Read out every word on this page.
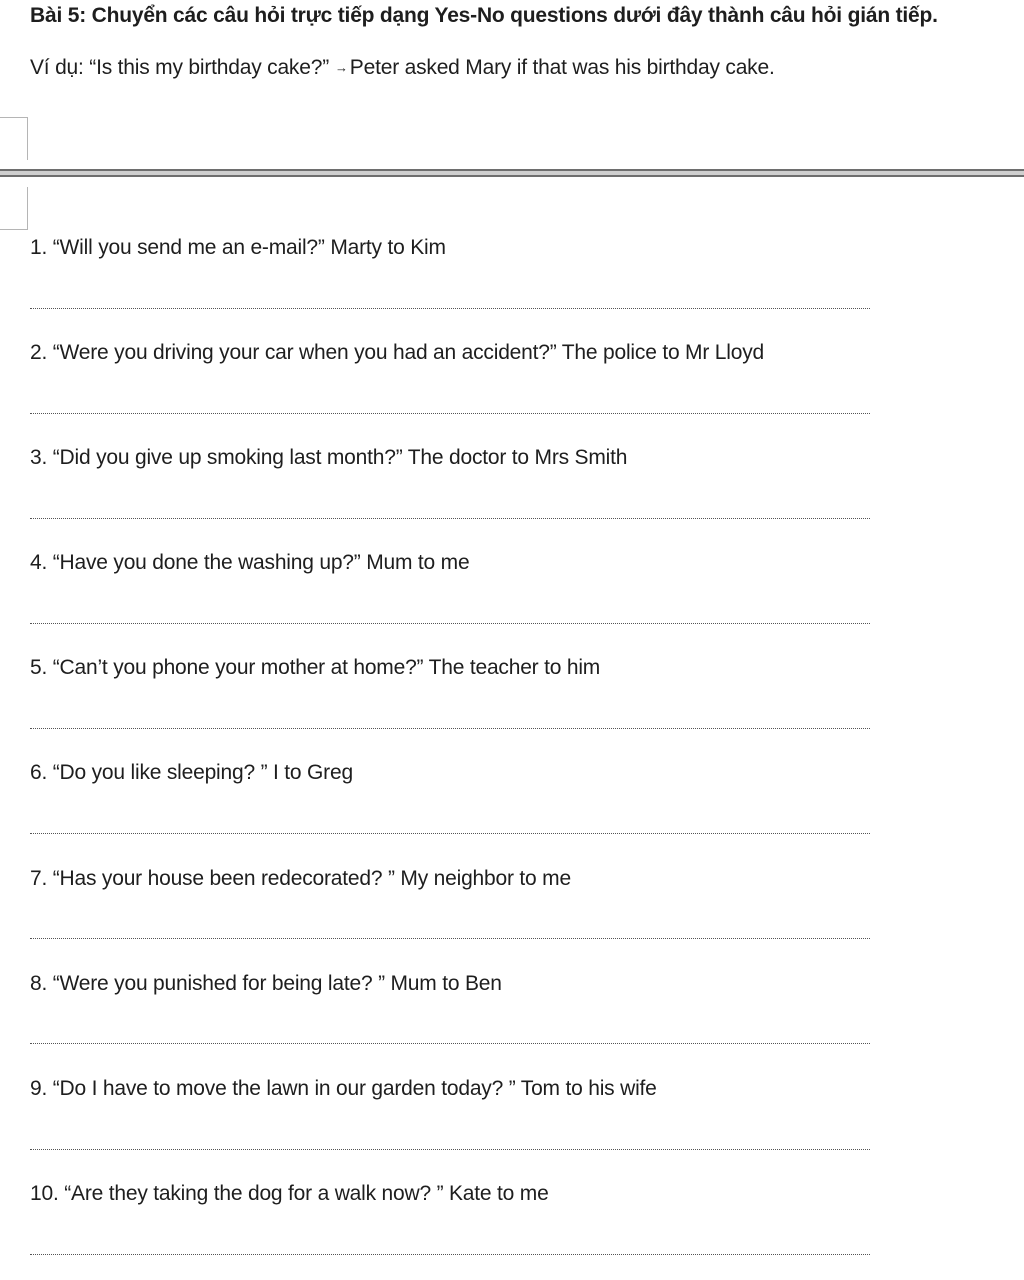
Bài 5: Chuyển các câu hỏi trực tiếp dạng Yes-No questions dưới đây thành câu hỏi gián tiếp.
Ví dụ: “Is this my birthday cake?” →Peter asked Mary if that was his birthday cake.
1. “Will you send me an e-mail?” Marty to Kim
2. “Were you driving your car when you had an accident?” The police to Mr Lloyd
3. “Did you give up smoking last month?” The doctor to Mrs Smith
4. “Have you done the washing up?” Mum to me
5. “Can’t you phone your mother at home?” The teacher to him
6. “Do you like sleeping? ” I to Greg
7. “Has your house been redecorated? ” My neighbor to me
8. “Were you punished for being late? ” Mum to Ben
9. “Do I have to move the lawn in our garden today? ” Tom to his wife
10. “Are they taking the dog for a walk now? ” Kate to me
